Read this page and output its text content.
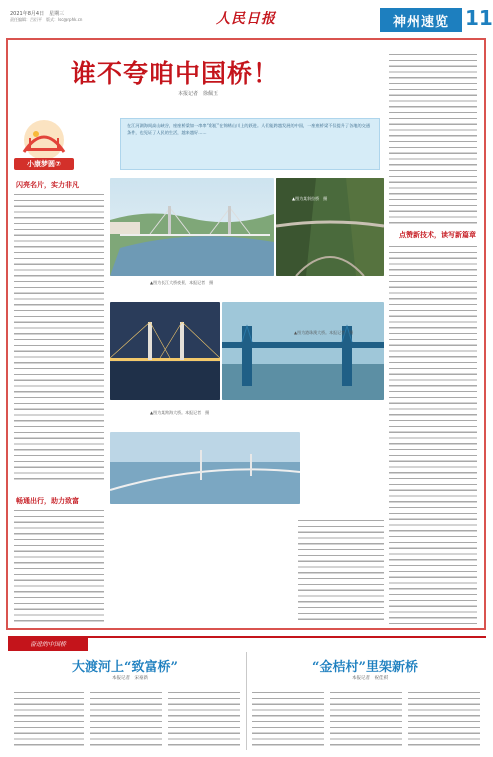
2021年8月4日　星期三
责任编辑：吕衍平　版式：lsc@rphk.cn	人民日报	神州速览 11
谁不夸咱中国桥！
本报记者　徐佩玉
小康梦圆⑦
在江河湖海间高山峡谷，座座桥梁如一串串“彩虹”在锦绣山川上的跃进。人们能跨越发展的中国，一座座桥梁不仅提升了各地的交通条件，也见证了人民的生活，越来越好……
闪亮名片，实力非凡
畅通出行，助力致富
点赞新技术，读写新篇章
▲图为长江大桥夜景，本报记者　摄
▲图为某斜拉桥　摄
▲图为港珠澳大桥。本报记者　摄
▲图为某跨海大桥。本报记者　摄
奋进的中国桥
大渡河上“致富桥”
本报记者　宋豪新
“金桔村”里架新桥
本报记者　祝佳祺
